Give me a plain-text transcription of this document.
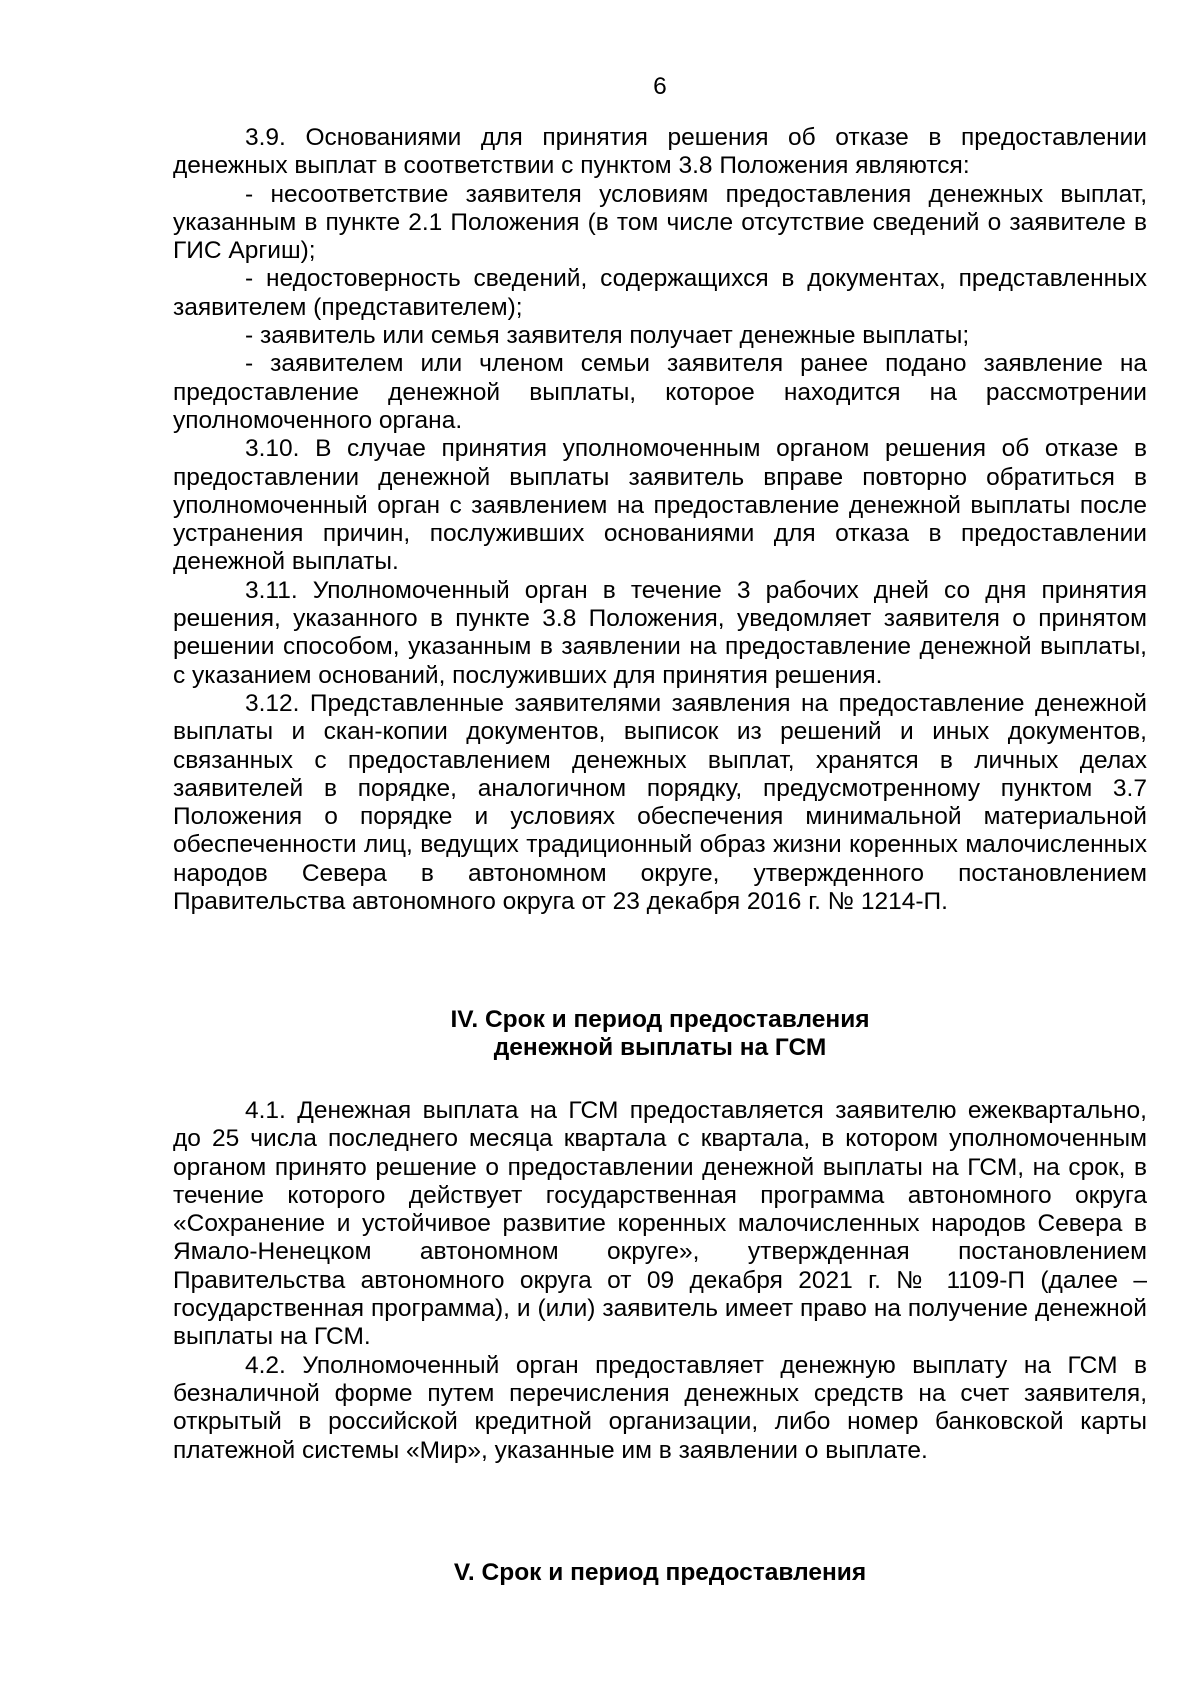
6

3.9. Основаниями для принятия решения об отказе в предоставлении денежных выплат в соответствии с пунктом 3.8 Положения являются:

- несоответствие заявителя условиям предоставления денежных выплат, указанным в пункте 2.1 Положения (в том числе отсутствие сведений о заявителе в ГИС Аргиш);

- недостоверность сведений, содержащихся в документах, представленных заявителем (представителем);

- заявитель или семья заявителя получает денежные выплаты;

- заявителем или членом семьи заявителя ранее подано заявление на предоставление денежной выплаты, которое находится на рассмотрении уполномоченного органа.

3.10. В случае принятия уполномоченным органом решения об отказе в предоставлении денежной выплаты заявитель вправе повторно обратиться в уполномоченный орган с заявлением на предоставление денежной выплаты после устранения причин, послуживших основаниями для отказа в предоставлении денежной выплаты.

3.11. Уполномоченный орган в течение 3 рабочих дней со дня принятия решения, указанного в пункте 3.8 Положения, уведомляет заявителя о принятом решении способом, указанным в заявлении на предоставление денежной выплаты, с указанием оснований, послуживших для принятия решения.

3.12. Представленные заявителями заявления на предоставление денежной выплаты и скан-копии документов, выписок из решений и иных документов, связанных с предоставлением денежных выплат, хранятся в личных делах заявителей в порядке, аналогичном порядку, предусмотренному пунктом 3.7 Положения о порядке и условиях обеспечения минимальной материальной обеспеченности лиц, ведущих традиционный образ жизни коренных малочисленных народов Севера в автономном округе, утвержденного постановлением Правительства автономного округа от 23 декабря 2016 г. № 1214-П.

IV. Срок и период предоставления
денежной выплаты на ГСМ

4.1. Денежная выплата на ГСМ предоставляется заявителю ежеквартально, до 25 числа последнего месяца квартала с квартала, в котором уполномоченным органом принято решение о предоставлении денежной выплаты на ГСМ, на срок, в течение которого действует государственная программа автономного округа «Сохранение и устойчивое развитие коренных малочисленных народов Севера в Ямало-Ненецком автономном округе», утвержденная постановлением Правительства автономного округа от 09 декабря 2021 г. № 1109-П (далее – государственная программа), и (или) заявитель имеет право на получение денежной выплаты на ГСМ.

4.2. Уполномоченный орган предоставляет денежную выплату на ГСМ в безналичной форме путем перечисления денежных средств на счет заявителя, открытый в российской кредитной организации, либо номер банковской карты платежной системы «Мир», указанные им в заявлении о выплате.

V. Срок и период предоставления
